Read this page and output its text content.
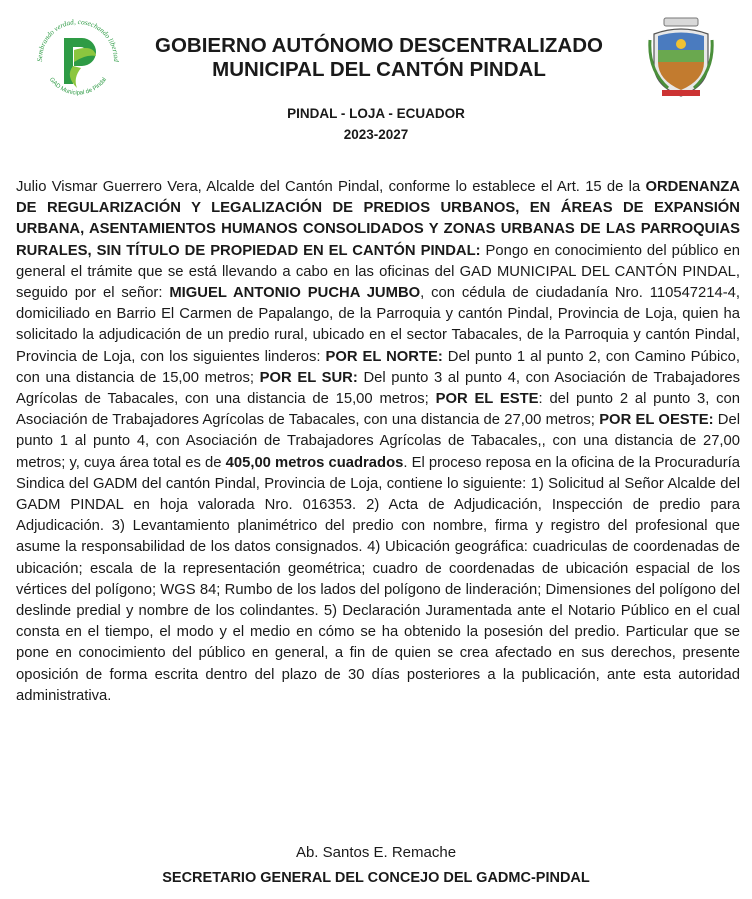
Sembrando verdad, cosechando libertad
GAD Municipal de Pindal
GOBIERNO AUTÓNOMO DESCENTRALIZADO
MUNICIPAL DEL CANTÓN PINDAL
PINDAL - LOJA - ECUADOR
2023-2027

Julio Vismar Guerrero Vera, Alcalde del Cantón Pindal, conforme lo establece el Art. 15 de la ORDENANZA DE REGULARIZACIÓN Y LEGALIZACIÓN DE PREDIOS URBANOS, EN ÁREAS DE EXPANSIÓN URBANA, ASENTAMIENTOS HUMANOS CONSOLIDADOS Y ZONAS URBANAS DE LAS PARROQUIAS RURALES, SIN TÍTULO DE PROPIEDAD EN EL CANTÓN PINDAL: Pongo en conocimiento del público en general el trámite que se está llevando a cabo en las oficinas del GAD MUNICIPAL DEL CANTÓN PINDAL, seguido por el señor: MIGUEL ANTONIO PUCHA JUMBO, con cédula de ciudadanía Nro. 110547214-4, domiciliado en Barrio El Carmen de Papalango, de la Parroquia y cantón Pindal, Provincia de Loja, quien ha solicitado la adjudicación de un predio rural, ubicado en el sector Tabacales, de la Parroquia y cantón Pindal, Provincia de Loja, con los siguientes linderos: POR EL NORTE: Del punto 1 al punto 2, con Camino Púbico, con una distancia de 15,00 metros; POR EL SUR: Del punto 3 al punto 4, con Asociación de Trabajadores Agrícolas de Tabacales, con una distancia de 15,00 metros; POR EL ESTE: del punto 2 al punto 3, con Asociación de Trabajadores Agrícolas de Tabacales, con una distancia de 27,00 metros; POR EL OESTE: Del punto 1 al punto 4, con Asociación de Trabajadores Agrícolas de Tabacales,, con una distancia de 27,00 metros; y, cuya área total es de 405,00 metros cuadrados. El proceso reposa en la oficina de la Procuraduría Sindica del GADM del cantón Pindal, Provincia de Loja, contiene lo siguiente: 1) Solicitud al Señor Alcalde del GADM PINDAL en hoja valorada Nro. 016353. 2) Acta de Adjudicación, Inspección de predio para Adjudicación. 3) Levantamiento planimétrico del predio con nombre, firma y registro del profesional que asume la responsabilidad de los datos consignados. 4) Ubicación geográfica: cuadriculas de coordenadas de ubicación; escala de la representación geométrica; cuadro de coordenadas de ubicación espacial de los vértices del polígono; WGS 84; Rumbo de los lados del polígono de linderación; Dimensiones del polígono del deslinde predial y nombre de los colindantes. 5) Declaración Juramentada ante el Notario Público en el cual consta en el tiempo, el modo y el medio en cómo se ha obtenido la posesión del predio. Particular que se pone en conocimiento del público en general, a fin de quien se crea afectado en sus derechos, presente oposición de forma escrita dentro del plazo de 30 días posteriores a la publicación, ante esta autoridad administrativa.

Ab. Santos E. Remache
SECRETARIO GENERAL DEL CONCEJO DEL GADMC-PINDAL
